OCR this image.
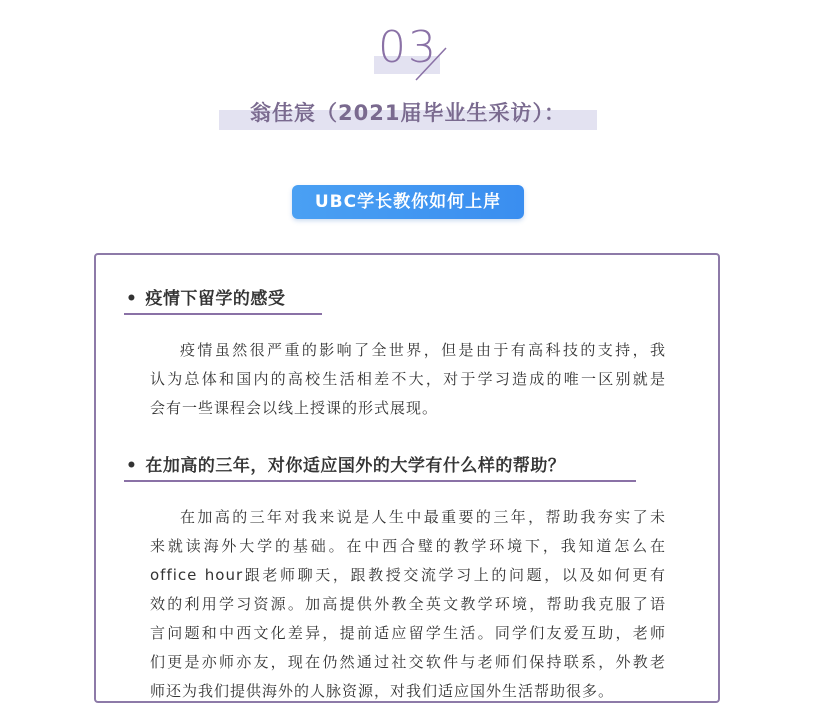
03
翁佳宸（2021届毕业生采访）：
UBC学长教你如何上岸
• 疫情下留学的感受
疫情虽然很严重的影响了全世界，但是由于有高科技的支持，我
认为总体和国内的高校生活相差不大，对于学习造成的唯一区别就是
会有一些课程会以线上授课的形式展现。
• 在加高的三年，对你适应国外的大学有什么样的帮助？
在加高的三年对我来说是人生中最重要的三年，帮助我夯实了未
来就读海外大学的基础。在中西合璧的教学环境下，我知道怎么在
office hour跟老师聊天，跟教授交流学习上的问题，以及如何更有
效的利用学习资源。加高提供外教全英文教学环境，帮助我克服了语
言问题和中西文化差异，提前适应留学生活。同学们友爱互助，老师
们更是亦师亦友，现在仍然通过社交软件与老师们保持联系，外教老
师还为我们提供海外的人脉资源，对我们适应国外生活帮助很多。
